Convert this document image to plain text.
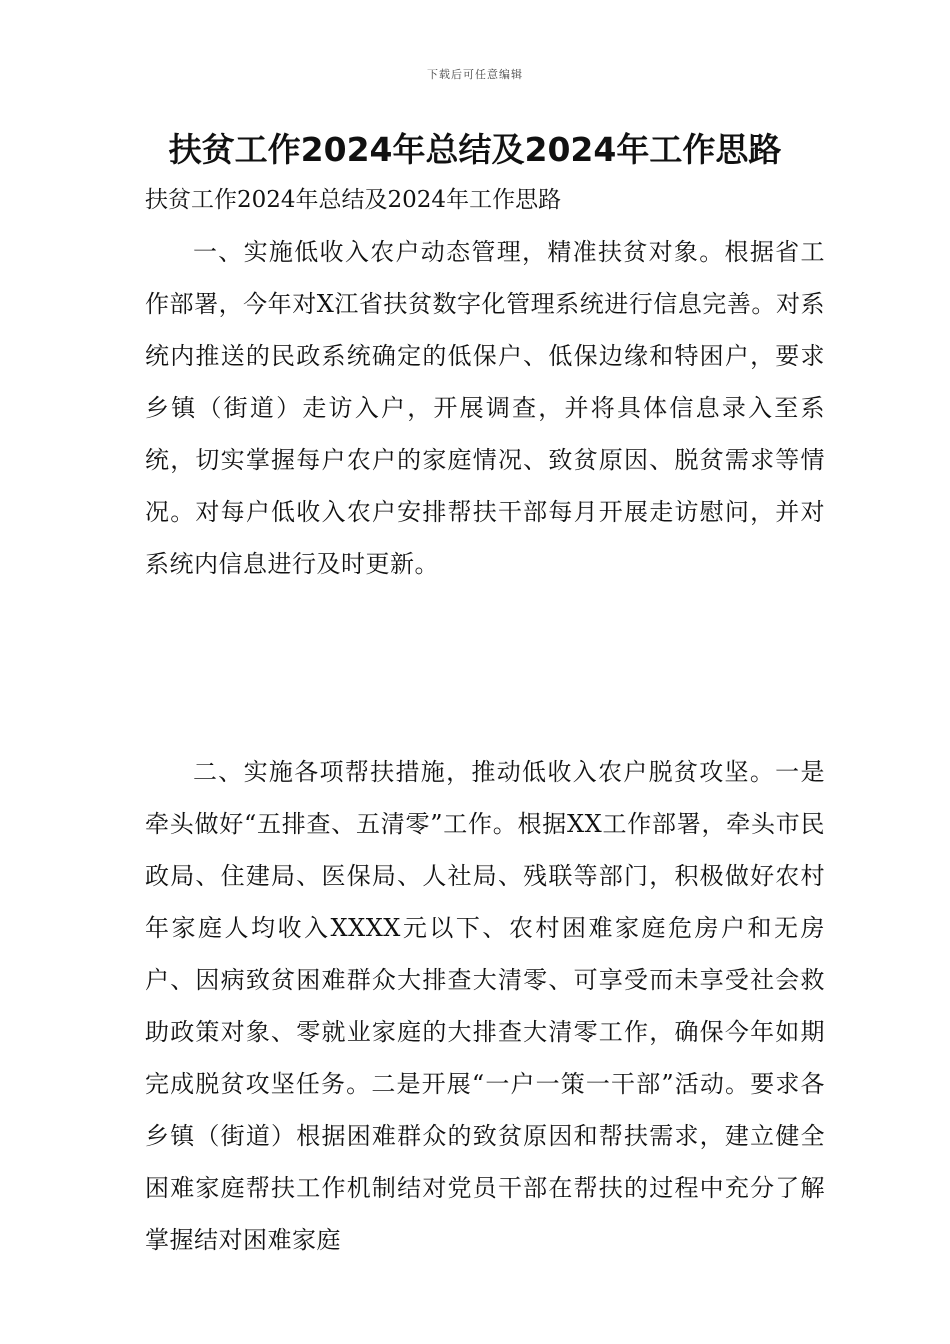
下载后可任意编辑
扶贫工作2024年总结及2024年工作思路
扶贫工作2024年总结及2024年工作思路

一、实施低收入农户动态管理，精准扶贫对象。根据省工作部署，今年对X江省扶贫数字化管理系统进行信息完善。对系统内推送的民政系统确定的低保户、低保边缘和特困户，要求乡镇（街道）走访入户，开展调查，并将具体信息录入至系统，切实掌握每户农户的家庭情况、致贫原因、脱贫需求等情况。对每户低收入农户安排帮扶干部每月开展走访慰问，并对系统内信息进行及时更新。

二、实施各项帮扶措施，推动低收入农户脱贫攻坚。一是牵头做好“五排查、五清零”工作。根据XX工作部署，牵头市民政局、住建局、医保局、人社局、残联等部门，积极做好农村年家庭人均收入XXXX元以下、农村困难家庭危房户和无房户、因病致贫困难群众大排查大清零、可享受而未享受社会救助政策对象、零就业家庭的大排查大清零工作，确保今年如期完成脱贫攻坚任务。二是开展“一户一策一干部”活动。要求各乡镇（街道）根据困难群众的致贫原因和帮扶需求，建立健全困难家庭帮扶工作机制结对党员干部在帮扶的过程中充分了解掌握结对困难家庭
